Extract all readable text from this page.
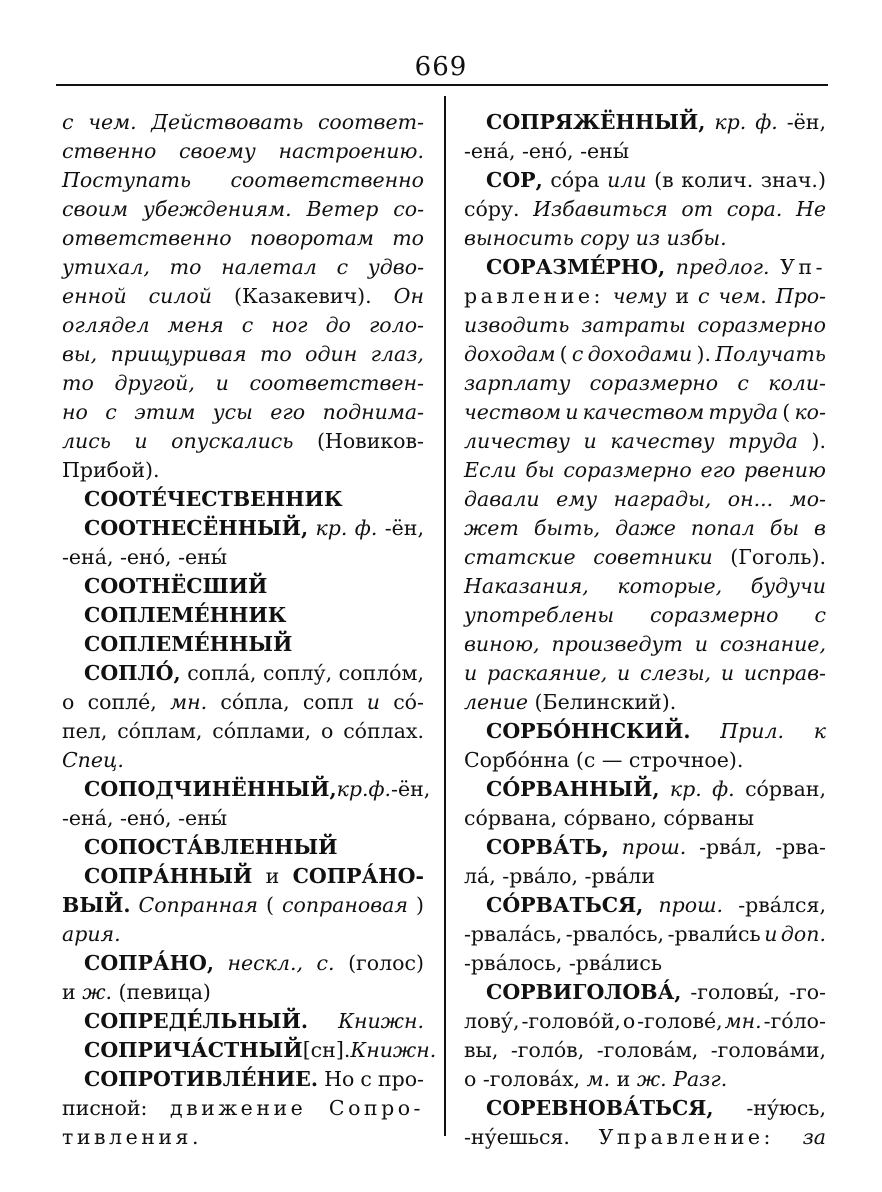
669
с чем. Действовать соответ-
ственно своему настроению.
Поступать соответственно
своим убеждениям. Ветер со-
ответственно поворотам то
утихал, то налетал с удво-
енной силой (Казакевич). Он
оглядел меня с ног до голо-
вы, прищуривая то один глаз,
то другой, и соответствен-
но с этим усы его поднима-
лись и опускались (Новиков-
Прибой).
СООТЕ́ЧЕСТВЕННИК
СООТНЕСЁННЫЙ, кр. ф. -ён,
-ена́, -ено́, -ены́
СООТНЁСШИЙ
СОПЛЕМЕ́ННИК
СОПЛЕМЕ́ННЫЙ
СОПЛО́, сопла́, соплу́, сопло́м,
о сопле́, мн. со́пла, сопл и со́-
пел, со́плам, со́плами, о со́плах.
Спец.
СОПОДЧИНЁННЫЙ, кр. ф. -ён,
-ена́, -ено́, -ены́
СОПОСТА́ВЛЕННЫЙ
СОПРА́ННЫЙ и СОПРА́НО-
ВЫЙ. Сопранная ( сопрановая )
ария.
СОПРА́НО, нескл., с. (голос)
и ж. (певица)
СОПРЕДЕ́ЛЬНЫЙ. Книжн.
СОПРИЧА́СТНЫЙ [сн]. Книжн.
СОПРОТИВЛЕ́НИЕ. Но с про-
писной: движение Сопро-
тивления.
СОПРЯЖЁННЫЙ, кр. ф. -ён,
-ена́, -ено́, -ены́
СОР, со́ра или (в колич. знач.)
со́ру. Избавиться от сора. Не
выносить сору из избы.
СОРАЗМЕ́РНО, предлог. Уп-
равление: чему и с чем. Про-
изводить затраты соразмерно
доходам ( с доходами ). Получать
зарплату соразмерно с коли-
чеством и качеством труда ( ко-
личеству и качеству труда ).
Если бы соразмерно его рвению
давали ему награды, он... мо-
жет быть, даже попал бы в
статские советники (Гоголь).
Наказания, которые, будучи
употреблены соразмерно с
виною, произведут и сознание,
и раскаяние, и слезы, и исправ-
ление (Белинский).
СОРБО́ННСКИЙ. Прил. к
Сорбо́нна (с — строчное).
СО́РВАННЫЙ, кр. ф. со́рван,
со́рвана, со́рвано, со́рваны
СОРВА́ТЬ, прош. -рва́л, -рва-
ла́, -рва́ло, -рва́ли
СО́РВАТЬСЯ, прош. -рва́лся,
-рвала́сь, -рвало́сь, -рвали́сь и доп.
-рва́лось, -рва́лись
СОРВИГОЛОВА́, -головы́, -го-
лову́, -голово́й, о -голове́, мн. -го́ло-
вы, -голо́в, -голова́м, -голова́ми,
о -голова́х, м. и ж. Разг.
СОРЕВНОВА́ТЬСЯ, -ну́юсь,
-ну́ешься. Управление: за
